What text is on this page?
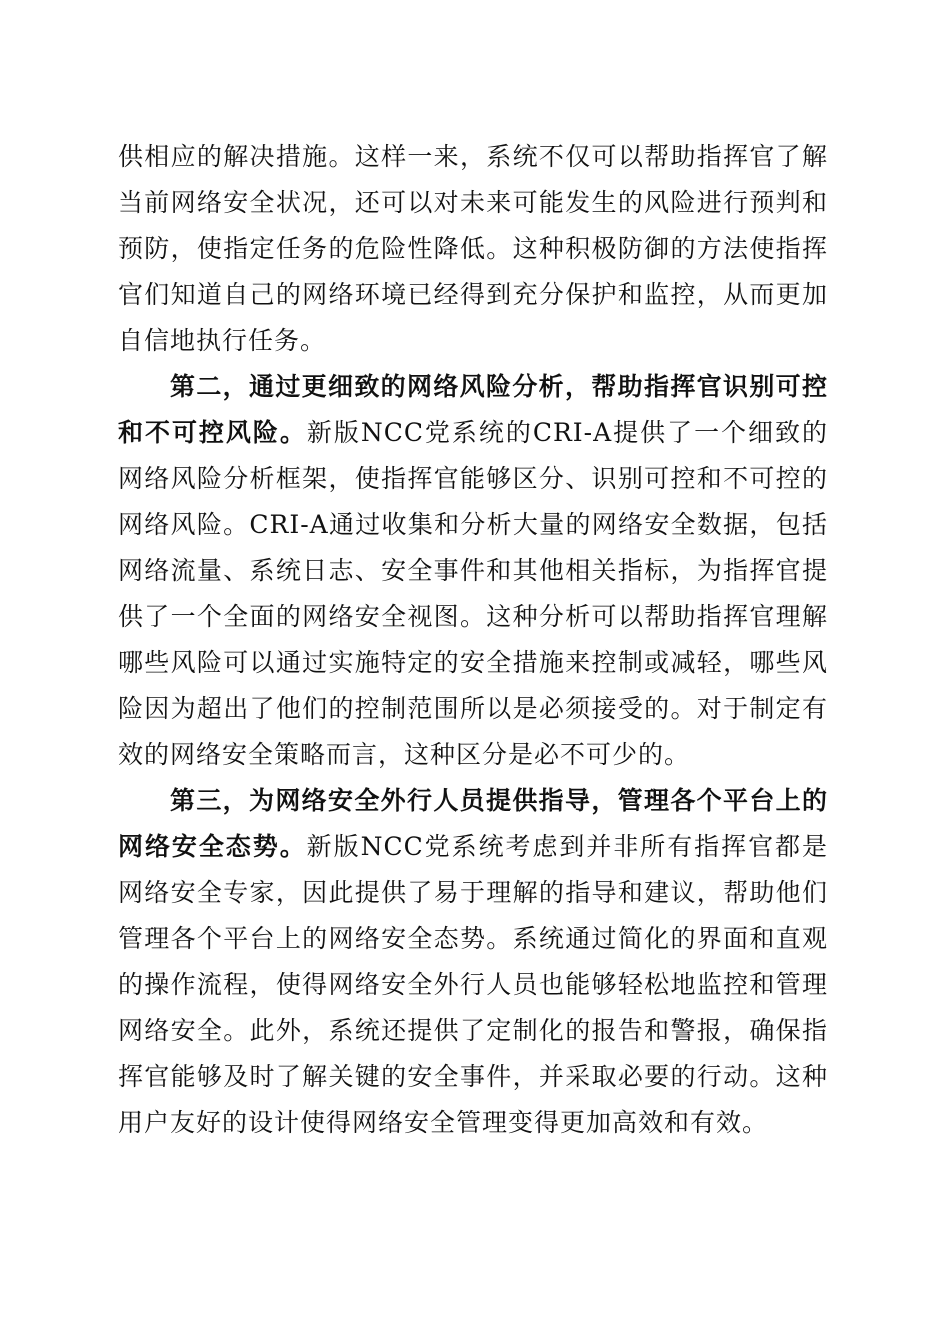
供相应的解决措施。这样一来，系统不仅可以帮助指挥官了解当前网络安全状况，还可以对未来可能发生的风险进行预判和预防，使指定任务的危险性降低。这种积极防御的方法使指挥官们知道自己的网络环境已经得到充分保护和监控，从而更加自信地执行任务。

第二，通过更细致的网络风险分析，帮助指挥官识别可控和不可控风险。新版NCC党系统的CRI-A提供了一个细致的网络风险分析框架，使指挥官能够区分、识别可控和不可控的网络风险。CRI-A通过收集和分析大量的网络安全数据，包括网络流量、系统日志、安全事件和其他相关指标，为指挥官提供了一个全面的网络安全视图。这种分析可以帮助指挥官理解哪些风险可以通过实施特定的安全措施来控制或减轻，哪些风险因为超出了他们的控制范围所以是必须接受的。对于制定有效的网络安全策略而言，这种区分是必不可少的。

第三，为网络安全外行人员提供指导，管理各个平台上的网络安全态势。新版NCC党系统考虑到并非所有指挥官都是网络安全专家，因此提供了易于理解的指导和建议，帮助他们管理各个平台上的网络安全态势。系统通过简化的界面和直观的操作流程，使得网络安全外行人员也能够轻松地监控和管理网络安全。此外，系统还提供了定制化的报告和警报，确保指挥官能够及时了解关键的安全事件，并采取必要的行动。这种用户友好的设计使得网络安全管理变得更加高效和有效。
